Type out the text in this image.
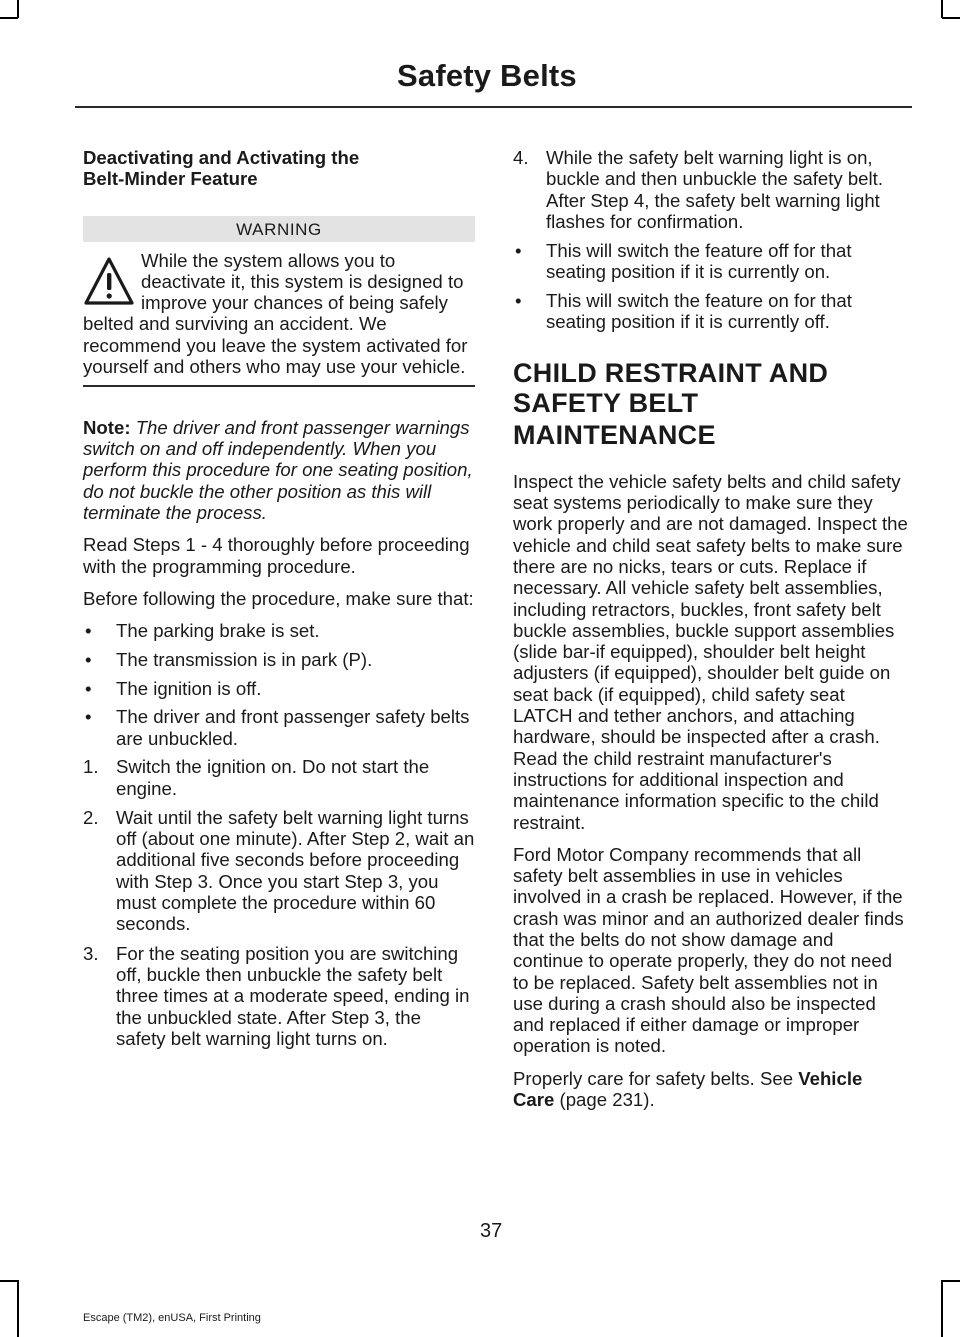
Safety Belts
Deactivating and Activating the
Belt-Minder Feature
WARNING

While the system allows you to deactivate it, this system is designed to improve your chances of being safely belted and surviving an accident. We recommend you leave the system activated for yourself and others who may use your vehicle.

Note: The driver and front passenger warnings switch on and off independently. When you perform this procedure for one seating position, do not buckle the other position as this will terminate the process.

Read Steps 1 - 4 thoroughly before proceeding with the programming procedure.

Before following the procedure, make sure that:

• The parking brake is set.
• The transmission is in park (P).
• The ignition is off.
• The driver and front passenger safety belts are unbuckled.
1. Switch the ignition on. Do not start the engine.
2. Wait until the safety belt warning light turns off (about one minute). After Step 2, wait an additional five seconds before proceeding with Step 3. Once you start Step 3, you must complete the procedure within 60 seconds.
3. For the seating position you are switching off, buckle then unbuckle the safety belt three times at a moderate speed, ending in the unbuckled state. After Step 3, the safety belt warning light turns on.
4. While the safety belt warning light is on, buckle and then unbuckle the safety belt. After Step 4, the safety belt warning light flashes for confirmation.
• This will switch the feature off for that seating position if it is currently on.
• This will switch the feature on for that seating position if it is currently off.
CHILD RESTRAINT AND
SAFETY BELT MAINTENANCE

Inspect the vehicle safety belts and child safety seat systems periodically to make sure they work properly and are not damaged. Inspect the vehicle and child seat safety belts to make sure there are no nicks, tears or cuts. Replace if necessary. All vehicle safety belt assemblies, including retractors, buckles, front safety belt buckle assemblies, buckle support assemblies (slide bar-if equipped), shoulder belt height adjusters (if equipped), shoulder belt guide on seat back (if equipped), child safety seat LATCH and tether anchors, and attaching hardware, should be inspected after a crash. Read the child restraint manufacturer's instructions for additional inspection and maintenance information specific to the child restraint.

Ford Motor Company recommends that all safety belt assemblies in use in vehicles involved in a crash be replaced. However, if the crash was minor and an authorized dealer finds that the belts do not show damage and continue to operate properly, they do not need to be replaced. Safety belt assemblies not in use during a crash should also be inspected and replaced if either damage or improper operation is noted.

Properly care for safety belts. See Vehicle Care (page 231).

37
Escape (TM2), enUSA, First Printing
